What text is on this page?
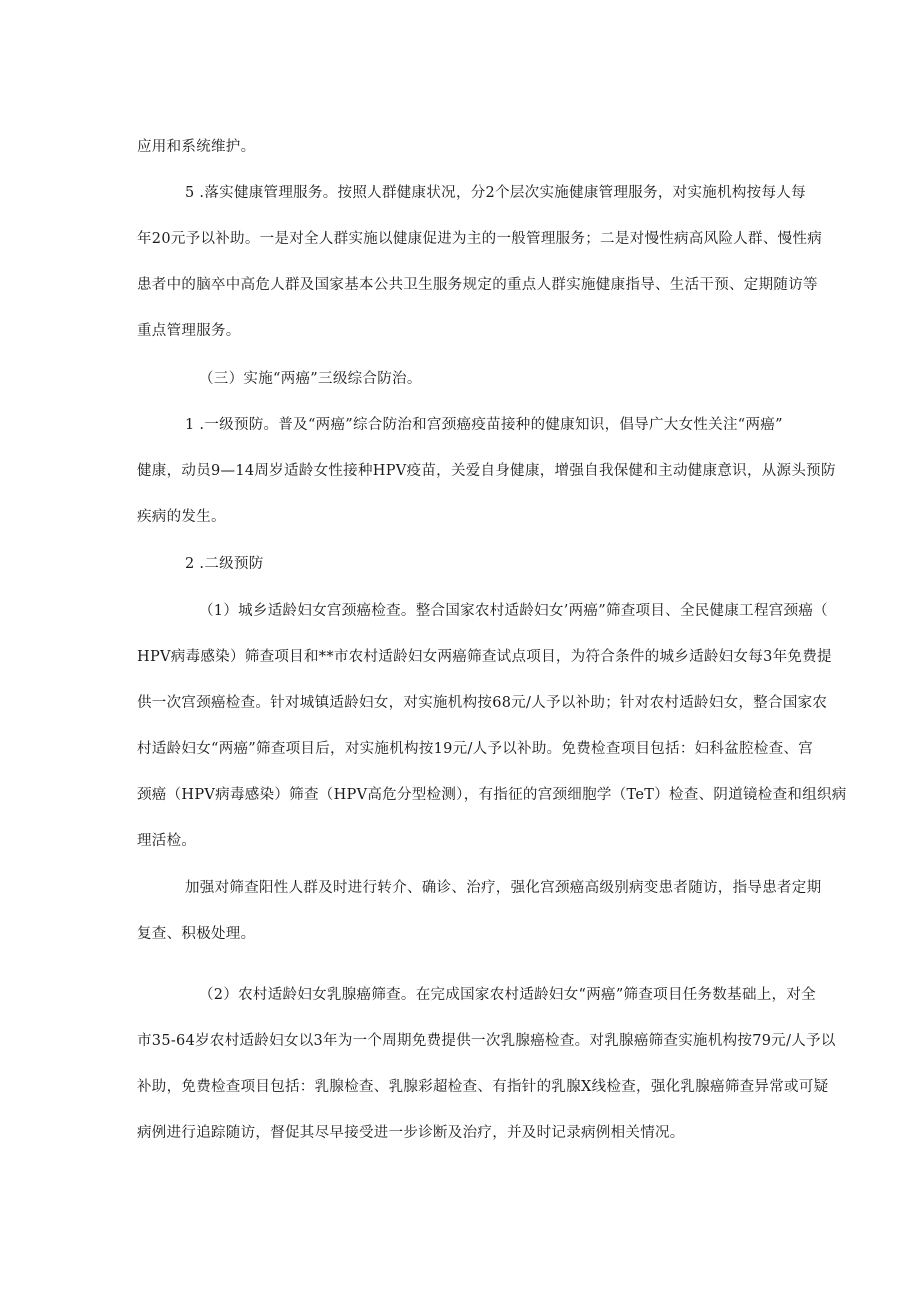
应用和系统维护。

5 .落实健康管理服务。按照人群健康状况，分2个层次实施健康管理服务，对实施机构按每人每
年20元予以补助。一是对全人群实施以健康促进为主的一般管理服务；二是对慢性病高风险人群、慢性病
患者中的脑卒中高危人群及国家基本公共卫生服务规定的重点人群实施健康指导、生活干预、定期随访等
重点管理服务。

（三）实施“两癌”三级综合防治。

1 .一级预防。普及“两癌”综合防治和宫颈癌疫苗接种的健康知识，倡导广大女性关注“两癌”
健康，动员9—14周岁适龄女性接种HPV疫苗，关爱自身健康，增强自我保健和主动健康意识，从源头预防
疾病的发生。

2 .二级预防

（1）城乡适龄妇女宫颈癌检查。整合国家农村适龄妇女’两癌”筛查项目、全民健康工程宫颈癌（
HPV病毒感染）筛查项目和**市农村适龄妇女两癌筛查试点项目，为符合条件的城乡适龄妇女每3年免费提
供一次宫颈癌检查。针对城镇适龄妇女，对实施机构按68元/人予以补助；针对农村适龄妇女，整合国家农
村适龄妇女“两癌”筛查项目后，对实施机构按19元/人予以补助。免费检查项目包括：妇科盆腔检查、宫
颈癌（HPV病毒感染）筛查（HPV高危分型检测），有指征的宫颈细胞学（TeT）检查、阴道镜检查和组织病
理活检。

加强对筛查阳性人群及时进行转介、确诊、治疗，强化宫颈癌高级别病变患者随访，指导患者定期
复查、积极处理。

（2）农村适龄妇女乳腺癌筛查。在完成国家农村适龄妇女“两癌”筛查项目任务数基础上，对全
市35-64岁农村适龄妇女以3年为一个周期免费提供一次乳腺癌检查。对乳腺癌筛查实施机构按79元/人予以
补助，免费检查项目包括：乳腺检查、乳腺彩超检查、有指针的乳腺X线检查，强化乳腺癌筛查异常或可疑
病例进行追踪随访，督促其尽早接受进一步诊断及治疗，并及时记录病例相关情况。
